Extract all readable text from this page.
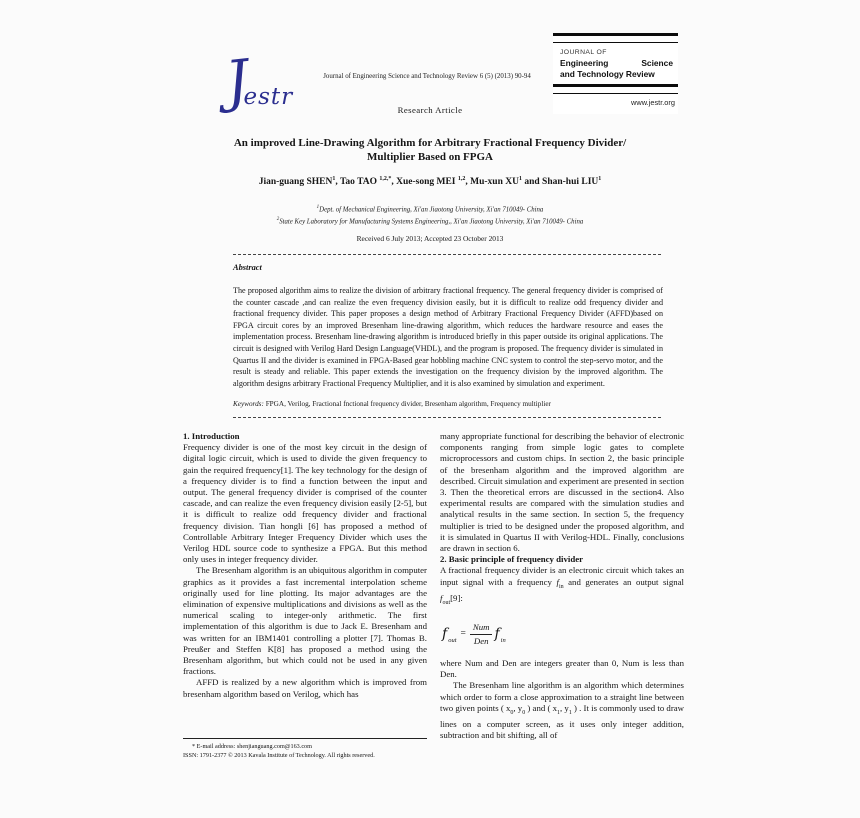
J
estr
Journal of Engineering Science and Technology Review 6 (5) (2013) 90-94
Research Article
JOURNAL OF
Engineering	Science
and Technology Review
www.jestr.org
An improved Line-Drawing Algorithm for Arbitrary Fractional Frequency Divider/
Multiplier Based on FPGA
Jian-guang SHEN$^1$, Tao TAO $^{1,2,*}$, Xue-song MEI $^{1,2}$, Mu-xun $XU^1$ and Shan-hui LIU$^1$
$^1$Dept. of Mechanical Engineering, Xi'an Jiaotong University, Xi'an 710049- China
$^2$State Key Laboratory for Manufacturing Systems Engineering,, Xi'an Jiaotong University, Xi'an 710049- China
Received 6 July 2013; Accepted 23 October 2013
Abstract
The proposed algorithm aims to realize the division of arbitrary fractional frequency. The general frequency divider is comprised of the counter cascade ,and can realize the even frequency division easily, but it is difficult to realize odd frequency divider and fractional frequency divider. This paper proposes a design method of Arbitrary Fractional Frequency Divider (AFFD)based on FPGA circuit cores by an improved Bresenham line-drawing algorithm, which reduces the hardware resource and eases the implementation process. Bresenham line-drawing algorithm is introduced briefly in this paper outside its original applications. The circuit is designed with Verilog Hard Design Language(VHDL), and the program is proposed. The frequency divider is simulated in Quartus II and the divider is examined in FPGA-Based gear hobbling machine CNC system to control the step-servo motor, and the result is steady and reliable. This paper extends the investigation on the frequency division by the improved algorithm. The algorithm designs arbitrary Fractional Frequency Multiplier, and it is also examined by simulation and experiment.
Keywords: FPGA, Verilog, Fractional fnctional frequency divider, Bresenham algorithm, Frequency multiplier

1. Introduction

Frequency divider is one of the most key circuit in the design of digital logic circuit, which is used to divide the given frequency to gain the required frequency[1]. The key technology for the design of a frequency divider is to find a function between the input and output. The general frequency divider is comprised of the counter cascade, and can realize the even frequency division easily [2-5], but it is difficult to realize odd frequency divider and fractional frequency division. Tian hongli [6] has proposed a method of Controllable Arbitrary Integer Frequency Divider which uses the Verilog HDL source code to synthesize a FPGA. But this method only uses in integer frequency divider.

The Bresenham algorithm is an ubiquitous algorithm in computer graphics as it provides a fast incremental interpolation scheme originally used for line plotting. Its major advantages are the elimination of expensive multiplications and divisions as well as the numerical scaling to integer-only arithmetic. The first implementation of this algorithm is due to Jack E. Bresenham and was written for an IBM1401 controlling a plotter [7]. Thomas B. Preußer and Steffen K[8] has proposed a method using the Bresenham algorithm, but which could not be used in any given fractions.

AFFD is realized by a new algorithm which is improved from bresenham algorithm based on Verilog, which has

many appropriate functional for describing the behavior of electronic components ranging from simple logic gates to complete microprocessors and custom chips. In section 2, the basic principle of the bresenham algorithm and the improved algorithm are described. Circuit simulation and experiment are presented in section 3. Then the theoretical errors are discussed in the section4. Also experimental results are compared with the simulation studies and analytical results in the same section. In section 5, the frequency multiplier is tried to be designed under the proposed algorithm, and it is simulated in Quartus II with Verilog-HDL. Finally, conclusions are drawn in section 6.

2. Basic principle of frequency divider

A fractional frequency divider is an electronic circuit which takes an input signal with a frequency $f_{in}$ and generates an output signal $f_{out}[9]$:

f out
= $\frac{\text{Num}}{\text{Den}}$ f in

where Num and Den are integers greater than 0, Num is less than Den.

The Bresenham line algorithm is an algorithm which determines which order to form a close approximation to a straight line between two given points ( $x_0$, $y_0$ ) and ( $x_1$, $y_1$ ) . It is commonly used to draw lines on a computer screen, as it uses only integer addition, subtraction and bit shifting, all of

* E-mail address: shenjianguang.com@163.com
ISSN: 1791-2377 © 2013 Kavala Institute of Technology. All rights reserved.
